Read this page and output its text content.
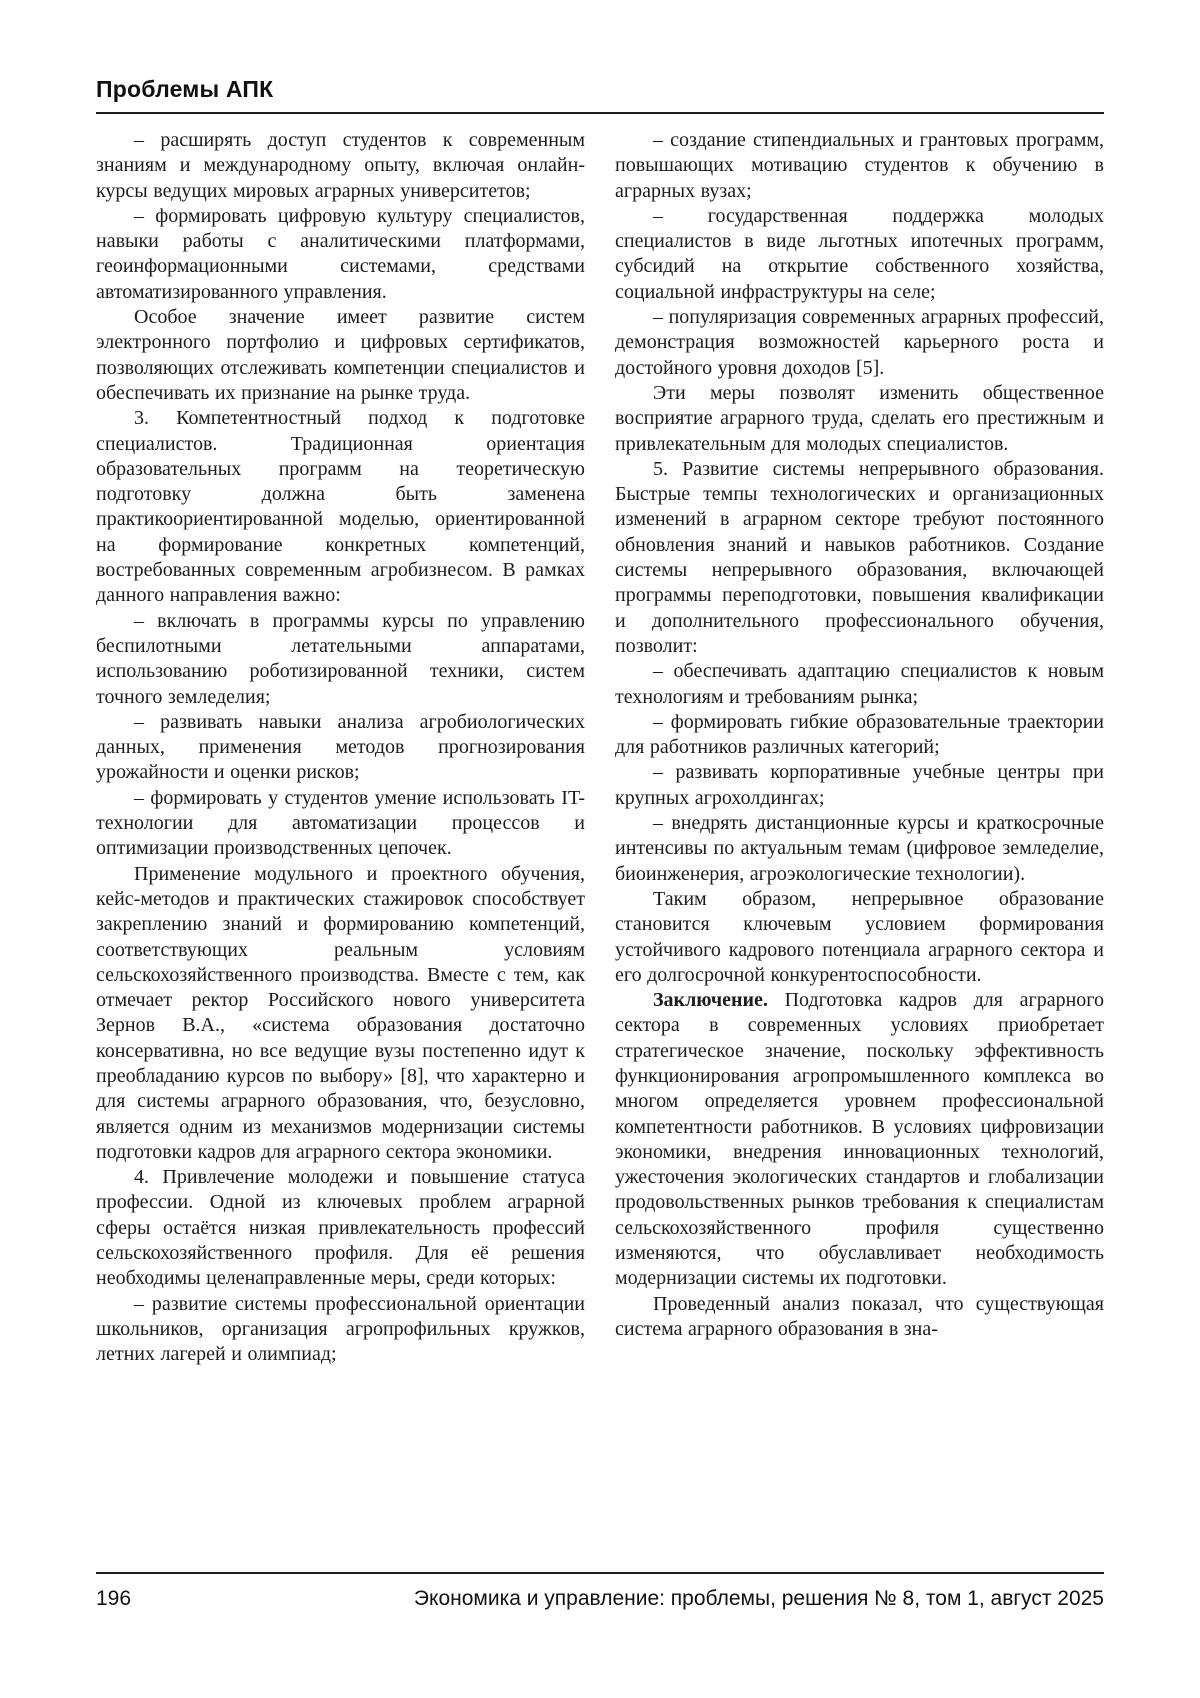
Проблемы АПК

– расширять доступ студентов к современным знаниям и международному опыту, включая онлайн-курсы ведущих мировых аграрных университетов;

– формировать цифровую культуру специалистов, навыки работы с аналитическими платформами, геоинформационными системами, средствами автоматизированного управления.

Особое значение имеет развитие систем электронного портфолио и цифровых сертификатов, позволяющих отслеживать компетенции специалистов и обеспечивать их признание на рынке труда.

3. Компетентностный подход к подготовке специалистов. Традиционная ориентация образовательных программ на теоретическую подготовку должна быть заменена практикоориентированной моделью, ориентированной на формирование конкретных компетенций, востребованных современным агробизнесом. В рамках данного направления важно:

– включать в программы курсы по управлению беспилотными летательными аппаратами, использованию роботизированной техники, систем точного земледелия;

– развивать навыки анализа агробиологических данных, применения методов прогнозирования урожайности и оценки рисков;

– формировать у студентов умение использовать IT-технологии для автоматизации процессов и оптимизации производственных цепочек.

Применение модульного и проектного обучения, кейс-методов и практических стажировок способствует закреплению знаний и формированию компетенций, соответствующих реальным условиям сельскохозяйственного производства. Вместе с тем, как отмечает ректор Российского нового университета Зернов В.А., «система образования достаточно консервативна, но все ведущие вузы постепенно идут к преобладанию курсов по выбору» [8], что характерно и для системы аграрного образования, что, безусловно, является одним из механизмов модернизации системы подготовки кадров для аграрного сектора экономики.

4. Привлечение молодежи и повышение статуса профессии. Одной из ключевых проблем аграрной сферы остаётся низкая привлекательность профессий сельскохозяйственного профиля. Для её решения необходимы целенаправленные меры, среди которых:

– развитие системы профессиональной ориентации школьников, организация агропрофильных кружков, летних лагерей и олимпиад;

– создание стипендиальных и грантовых программ, повышающих мотивацию студентов к обучению в аграрных вузах;

– государственная поддержка молодых специалистов в виде льготных ипотечных программ, субсидий на открытие собственного хозяйства, социальной инфраструктуры на селе;

– популяризация современных аграрных профессий, демонстрация возможностей карьерного роста и достойного уровня доходов [5].

Эти меры позволят изменить общественное восприятие аграрного труда, сделать его престижным и привлекательным для молодых специалистов.

5. Развитие системы непрерывного образования. Быстрые темпы технологических и организационных изменений в аграрном секторе требуют постоянного обновления знаний и навыков работников. Создание системы непрерывного образования, включающей программы переподготовки, повышения квалификации и дополнительного профессионального обучения, позволит:

– обеспечивать адаптацию специалистов к новым технологиям и требованиям рынка;

– формировать гибкие образовательные траектории для работников различных категорий;

– развивать корпоративные учебные центры при крупных агрохолдингах;

– внедрять дистанционные курсы и краткосрочные интенсивы по актуальным темам (цифровое земледелие, биоинженерия, агроэкологические технологии).

Таким образом, непрерывное образование становится ключевым условием формирования устойчивого кадрового потенциала аграрного сектора и его долгосрочной конкурентоспособности.

Заключение. Подготовка кадров для аграрного сектора в современных условиях приобретает стратегическое значение, поскольку эффективность функционирования агропромышленного комплекса во многом определяется уровнем профессиональной компетентности работников. В условиях цифровизации экономики, внедрения инновационных технологий, ужесточения экологических стандартов и глобализации продовольственных рынков требования к специалистам сельскохозяйственного профиля существенно изменяются, что обуславливает необходимость модернизации системы их подготовки.

Проведенный анализ показал, что существующая система аграрного образования в зна-

196	Экономика и управление: проблемы, решения № 8, том 1, август 2025
